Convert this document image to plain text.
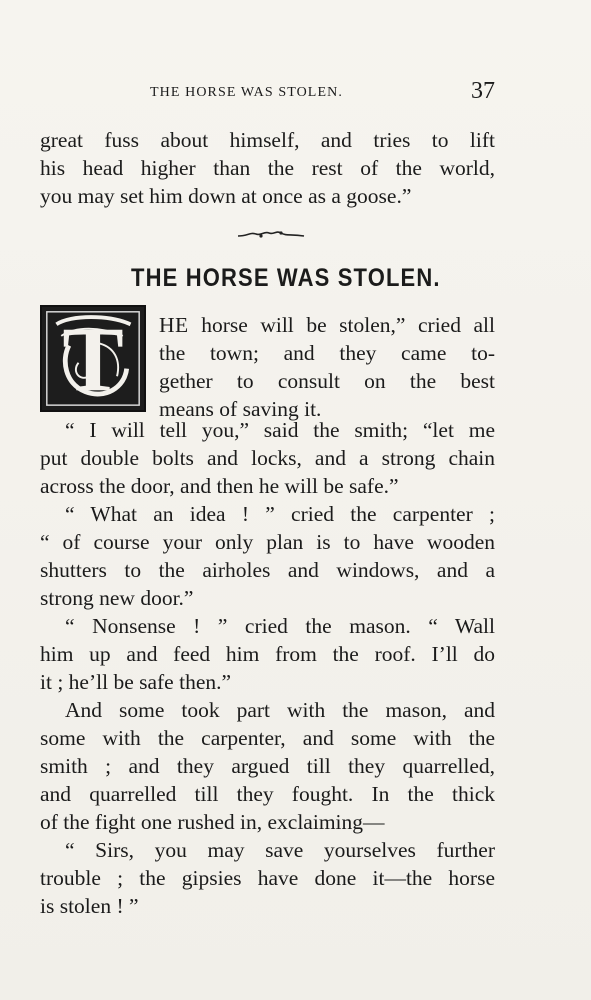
THE HORSE WAS STOLEN.	37
great fuss about himself, and tries to lift
his head higher than the rest of the world,
you may set him down at once as a goose.”
THE HORSE WAS STOLEN.
T	HE horse will be stolen,” cried all
the town; and they came to-
gether to consult on the best
means of saving it.
“ I will tell you,” said the smith; “let me
put double bolts and locks, and a strong chain
across the door, and then he will be safe.”
“ What an idea ! ” cried the carpenter ;
“ of course your only plan is to have wooden
shutters to the airholes and windows, and a
strong new door.”
“ Nonsense ! ” cried the mason. “ Wall
him up and feed him from the roof. I’ll do
it ; he’ll be safe then.”
And some took part with the mason, and
some with the carpenter, and some with the
smith ; and they argued till they quarrelled,
and quarrelled till they fought. In the thick
of the fight one rushed in, exclaiming—
“ Sirs, you may save yourselves further
trouble ; the gipsies have done it—the horse
is stolen ! ”
